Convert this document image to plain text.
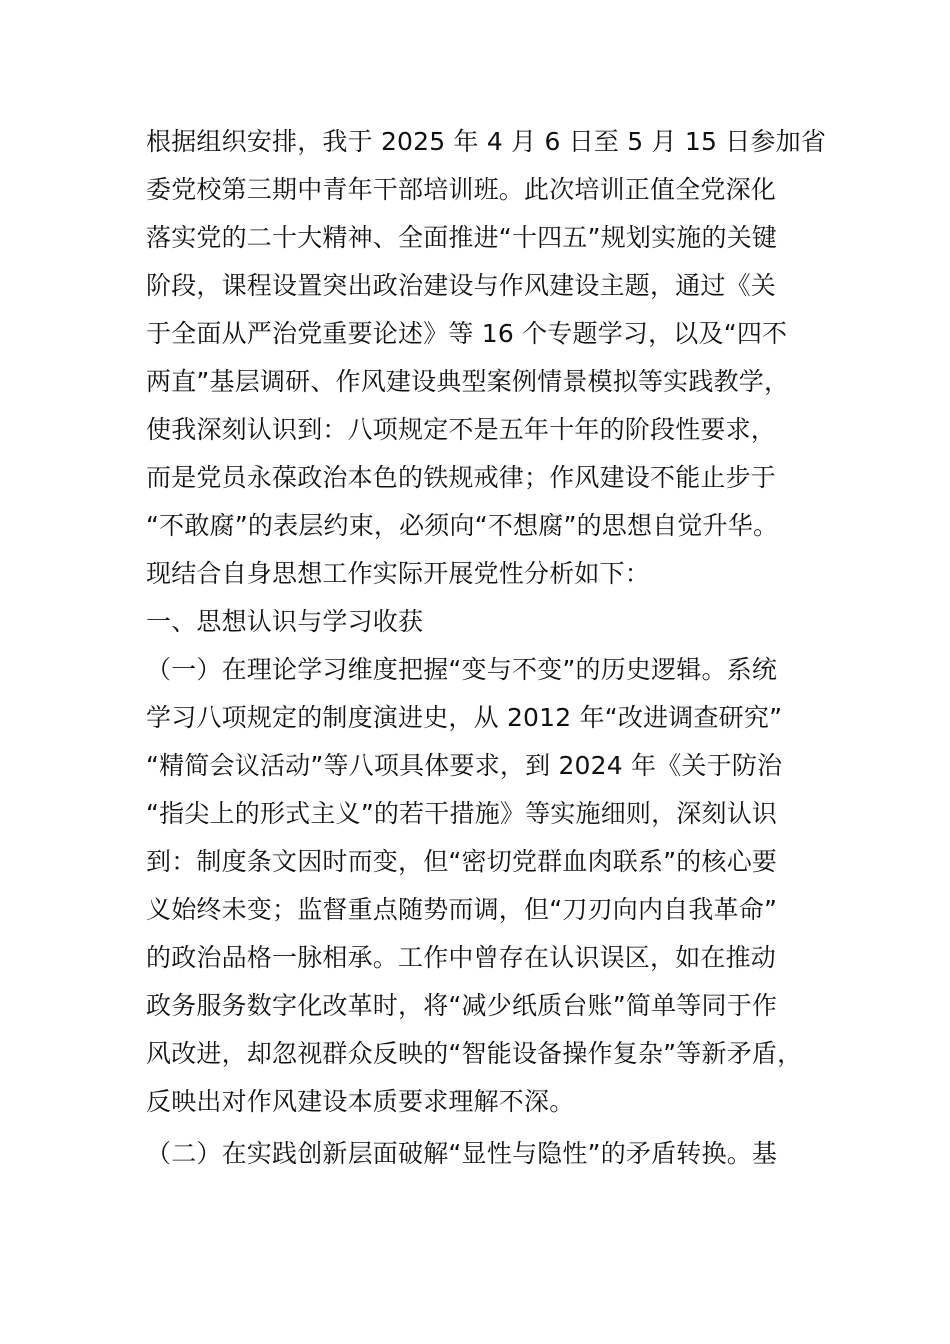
根据组织安排，我于 2025 年 4 月 6 日至 5 月 15 日参加省
委党校第三期中青年干部培训班。此次培训正值全党深化
落实党的二十大精神、全面推进“十四五”规划实施的关键
阶段，课程设置突出政治建设与作风建设主题，通过《关
于全面从严治党重要论述》等 16 个专题学习，以及“四不
两直”基层调研、作风建设典型案例情景模拟等实践教学，
使我深刻认识到：八项规定不是五年十年的阶段性要求，
而是党员永葆政治本色的铁规戒律；作风建设不能止步于
“不敢腐”的表层约束，必须向“不想腐”的思想自觉升华。
现结合自身思想工作实际开展党性分析如下：
一、思想认识与学习收获
（一）在理论学习维度把握“变与不变”的历史逻辑。系统
学习八项规定的制度演进史，从 2012 年“改进调查研究”
“精简会议活动”等八项具体要求，到 2024 年《关于防治
“指尖上的形式主义”的若干措施》等实施细则，深刻认识
到：制度条文因时而变，但“密切党群血肉联系”的核心要
义始终未变；监督重点随势而调，但“刀刃向内自我革命”
的政治品格一脉相承。工作中曾存在认识误区，如在推动
政务服务数字化改革时，将“减少纸质台账”简单等同于作
风改进，却忽视群众反映的“智能设备操作复杂”等新矛盾，
反映出对作风建设本质要求理解不深。
（二）在实践创新层面破解“显性与隐性”的矛盾转换。基
